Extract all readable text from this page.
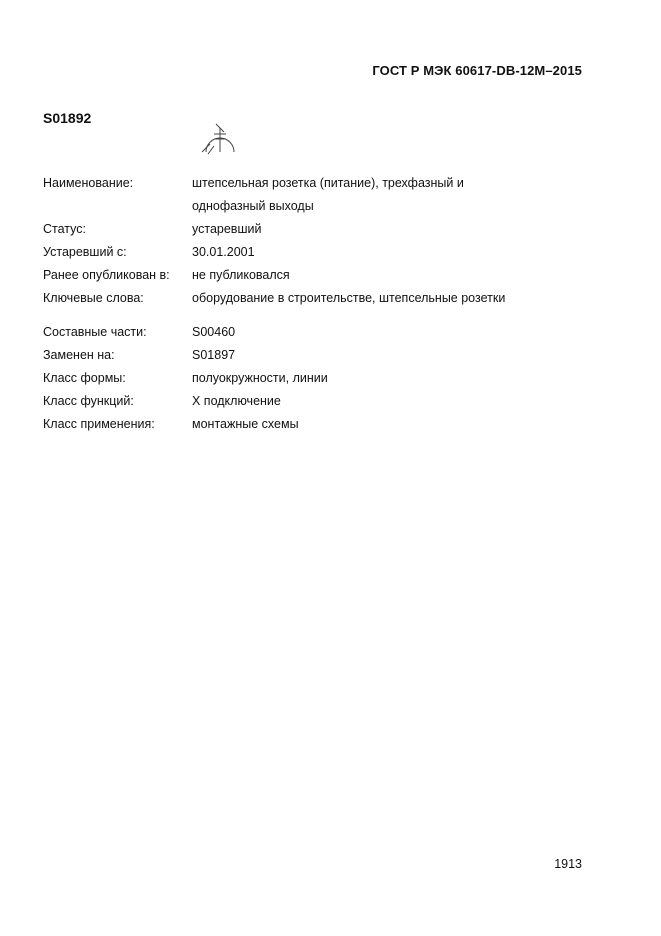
ГОСТ Р МЭК 60617-DB-12M–2015
S01892
Наименование:	штепсельная розетка (питание), трехфазный и
однофазный выходы
Статус:	устаревший
Устаревший с:	30.01.2001
Ранее опубликован в:	не публиковался
Ключевые слова:	оборудование в строительстве, штепсельные розетки
Составные части:	S00460
Заменен на:	S01897
Класс формы:	полуокружности, линии
Класс функций:	X подключение
Класс применения:	монтажные схемы
1913
